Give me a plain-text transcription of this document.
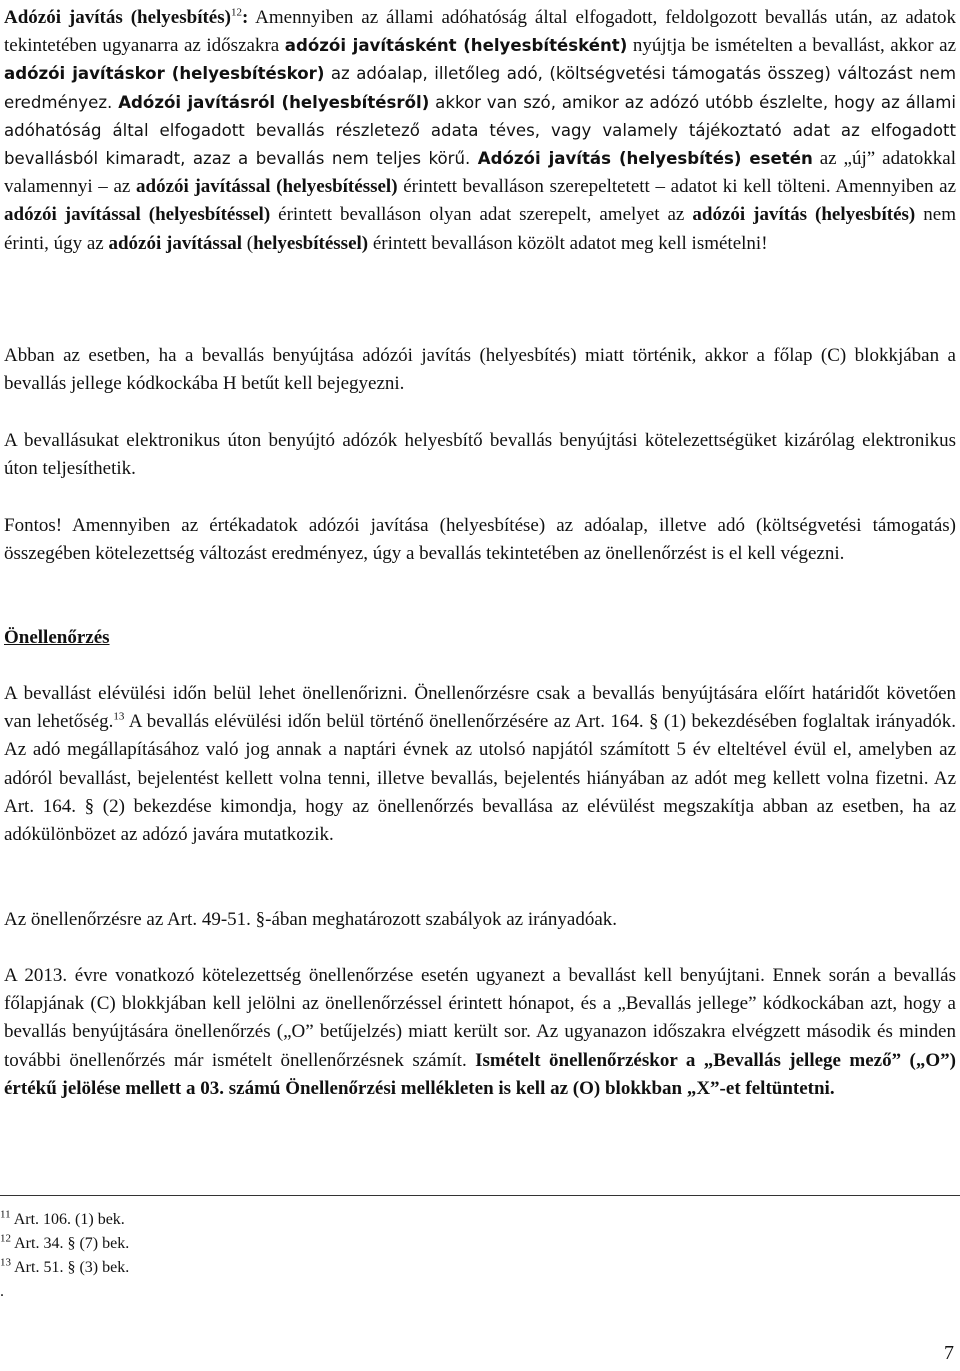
Adózói javítás (helyesbítés)$^{12}$: Amennyiben az állami adóhatóság által elfogadott, feldolgozott bevallás után, az adatok tekintetében ugyanarra az időszakra adózói javításként (helyesbítésként) nyújtja be ismételten a bevallást, akkor az adózói javításkor (helyesbítéskor) az adóalap, illetőleg adó, (költségvetési támogatás összeg) változást nem eredményez. Adózói javításról (helyesbítésről) akkor van szó, amikor az adózó utóbb észlelte, hogy az állami adóhatóság által elfogadott bevallás részletező adata téves, vagy valamely tájékoztató adat az elfogadott bevallásból kimaradt, azaz a bevallás nem teljes körű. Adózói javítás (helyesbítés) esetén az „új” adatokkal valamennyi – az adózói javítással (helyesbítéssel) érintett bevalláson szerepeltetett – adatot ki kell tölteni. Amennyiben az adózói javítással (helyesbítéssel) érintett bevalláson olyan adat szerepelt, amelyet az adózói javítás (helyesbítés) nem érinti, úgy az adózói javítással (helyesbítéssel) érintett bevalláson közölt adatot meg kell ismételni!

Abban az esetben, ha a bevallás benyújtása adózói javítás (helyesbítés) miatt történik, akkor a főlap (C) blokkjában a bevallás jellege kódkockába H betűt kell bejegyezni.

A bevallásukat elektronikus úton benyújtó adózók helyesbítő bevallás benyújtási kötelezettségüket kizárólag elektronikus úton teljesíthetik.

Fontos! Amennyiben az értékadatok adózói javítása (helyesbítése) az adóalap, illetve adó (költségvetési támogatás) összegében kötelezettség változást eredményez, úgy a bevallás tekintetében az önellenőrzést is el kell végezni.

Önellenőrzés

A bevallást elévülési időn belül lehet önellenőrizni. Önellenőrzésre csak a bevallás benyújtására előírt határidőt követően van lehetőség.$^{13}$ A bevallás elévülési időn belül történő önellenőrzésére az Art. 164. § (1) bekezdésében foglaltak irányadók. Az adó megállapításához való jog annak a naptári évnek az utolsó napjától számított 5 év elteltével évül el, amelyben az adóról bevallást, bejelentést kellett volna tenni, illetve bevallás, bejelentés hiányában az adót meg kellett volna fizetni. Az Art. 164. § (2) bekezdése kimondja, hogy az önellenőrzés bevallása az elévülést megszakítja abban az esetben, ha az adókülönbözet az adózó javára mutatkozik.

Az önellenőrzésre az Art. 49-51. §-ában meghatározott szabályok az irányadóak.

A 2013. évre vonatkozó kötelezettség önellenőrzése esetén ugyanezt a bevallást kell benyújtani. Ennek során a bevallás főlapjának (C) blokkjában kell jelölni az önellenőrzéssel érintett hónapot, és a „Bevallás jellege” kódkockában azt, hogy a bevallás benyújtására önellenőrzés („O” betűjelzés) miatt került sor. Az ugyanazon időszakra elvégzett második és minden további önellenőrzés már ismételt önellenőrzésnek számít. Ismételt önellenőrzéskor a „Bevallás jellege mező” („O”) értékű jelölése mellett a 03. számú Önellenőrzési mellékleten is kell az (O) blokkban „X”-et feltüntetni.

$^{11}$ Art. 106. (1) bek.
$^{12}$ Art. 34. § (7) bek.
$^{13}$ Art. 51. § (3) bek.
.
7
